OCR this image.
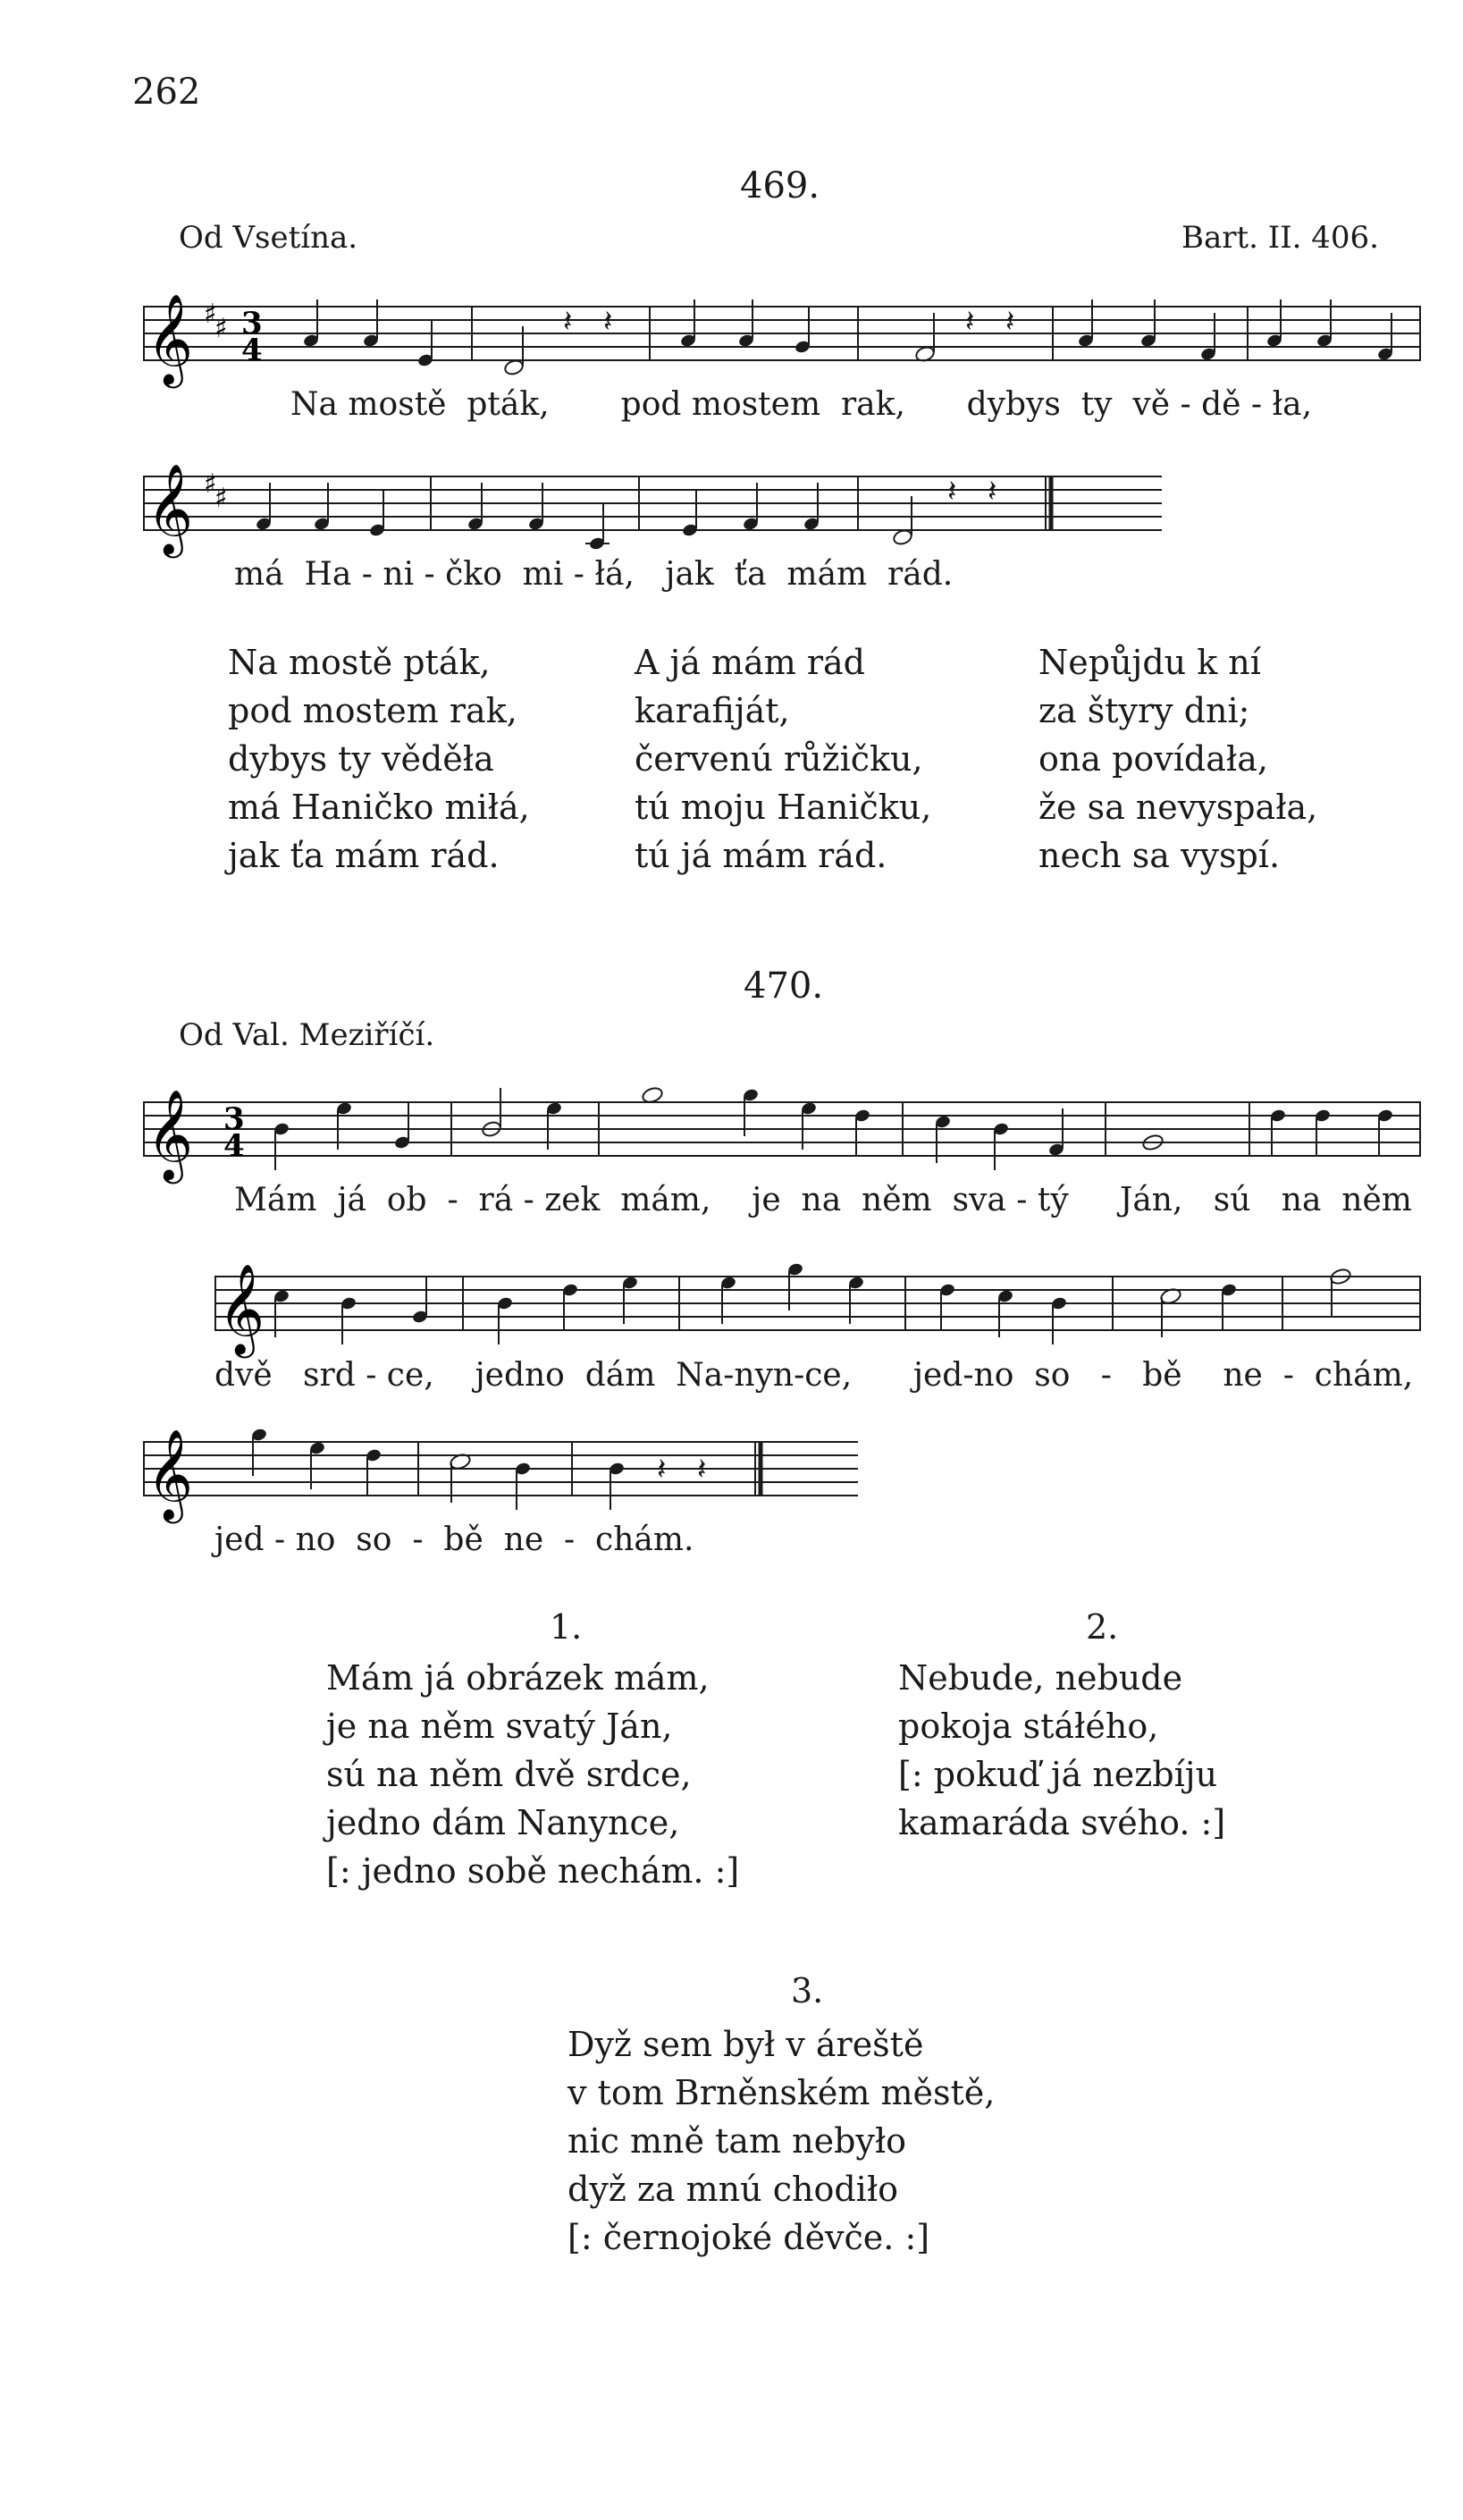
262
469.
Od Vsetína.	Bart. II. 406.
𝄞 ♯
♯ 3
4
𝄽 𝄽	𝄽 𝄽
Na mostě  pták,       pod mostem  rak,      dybys  ty  vě - dě - ła,
𝄞 ♯
♯	𝄽 𝄽
má  Ha - ni - čko  mi - łá,   jak  ťa  mám  rád.
Na mostě pták,
pod mostem rak,
dybys ty věděła
má Haničko miłá,
jak ťa mám rád.
A já mám rád
karafiját,
červenú růžičku,
tú moju Haničku,
tú já mám rád.
Nepůjdu k ní
za štyry dni;
ona povídała,
že sa nevyspała,
nech sa vyspí.
470.
Od Val. Meziříčí.
𝄞 3
4
Mám  já  ob  -  rá - zek  mám,    je  na  něm  sva - tý     Ján,   sú   na  něm
𝄞
dvě   srd - ce,    jedno  dám  Na-nyn-ce,      jed-no  so   -   bě    ne  -  chám,
𝄞	𝄽 𝄽
jed - no  so  -  bě  ne  -  chám.
1.
Mám já obrázek mám,
je na něm svatý Ján,
sú na něm dvě srdce,
jedno dám Nanynce,
[: jedno sobě nechám. :]
2.
Nebude, nebude
pokoja stáłého,
[: pokuď já nezbíju
kamaráda svého. :]
3.
Dyž sem był v áreště
v tom Brněnském městě,
nic mně tam nebyło
dyž za mnú chodiło
[: černojoké děvče. :]
